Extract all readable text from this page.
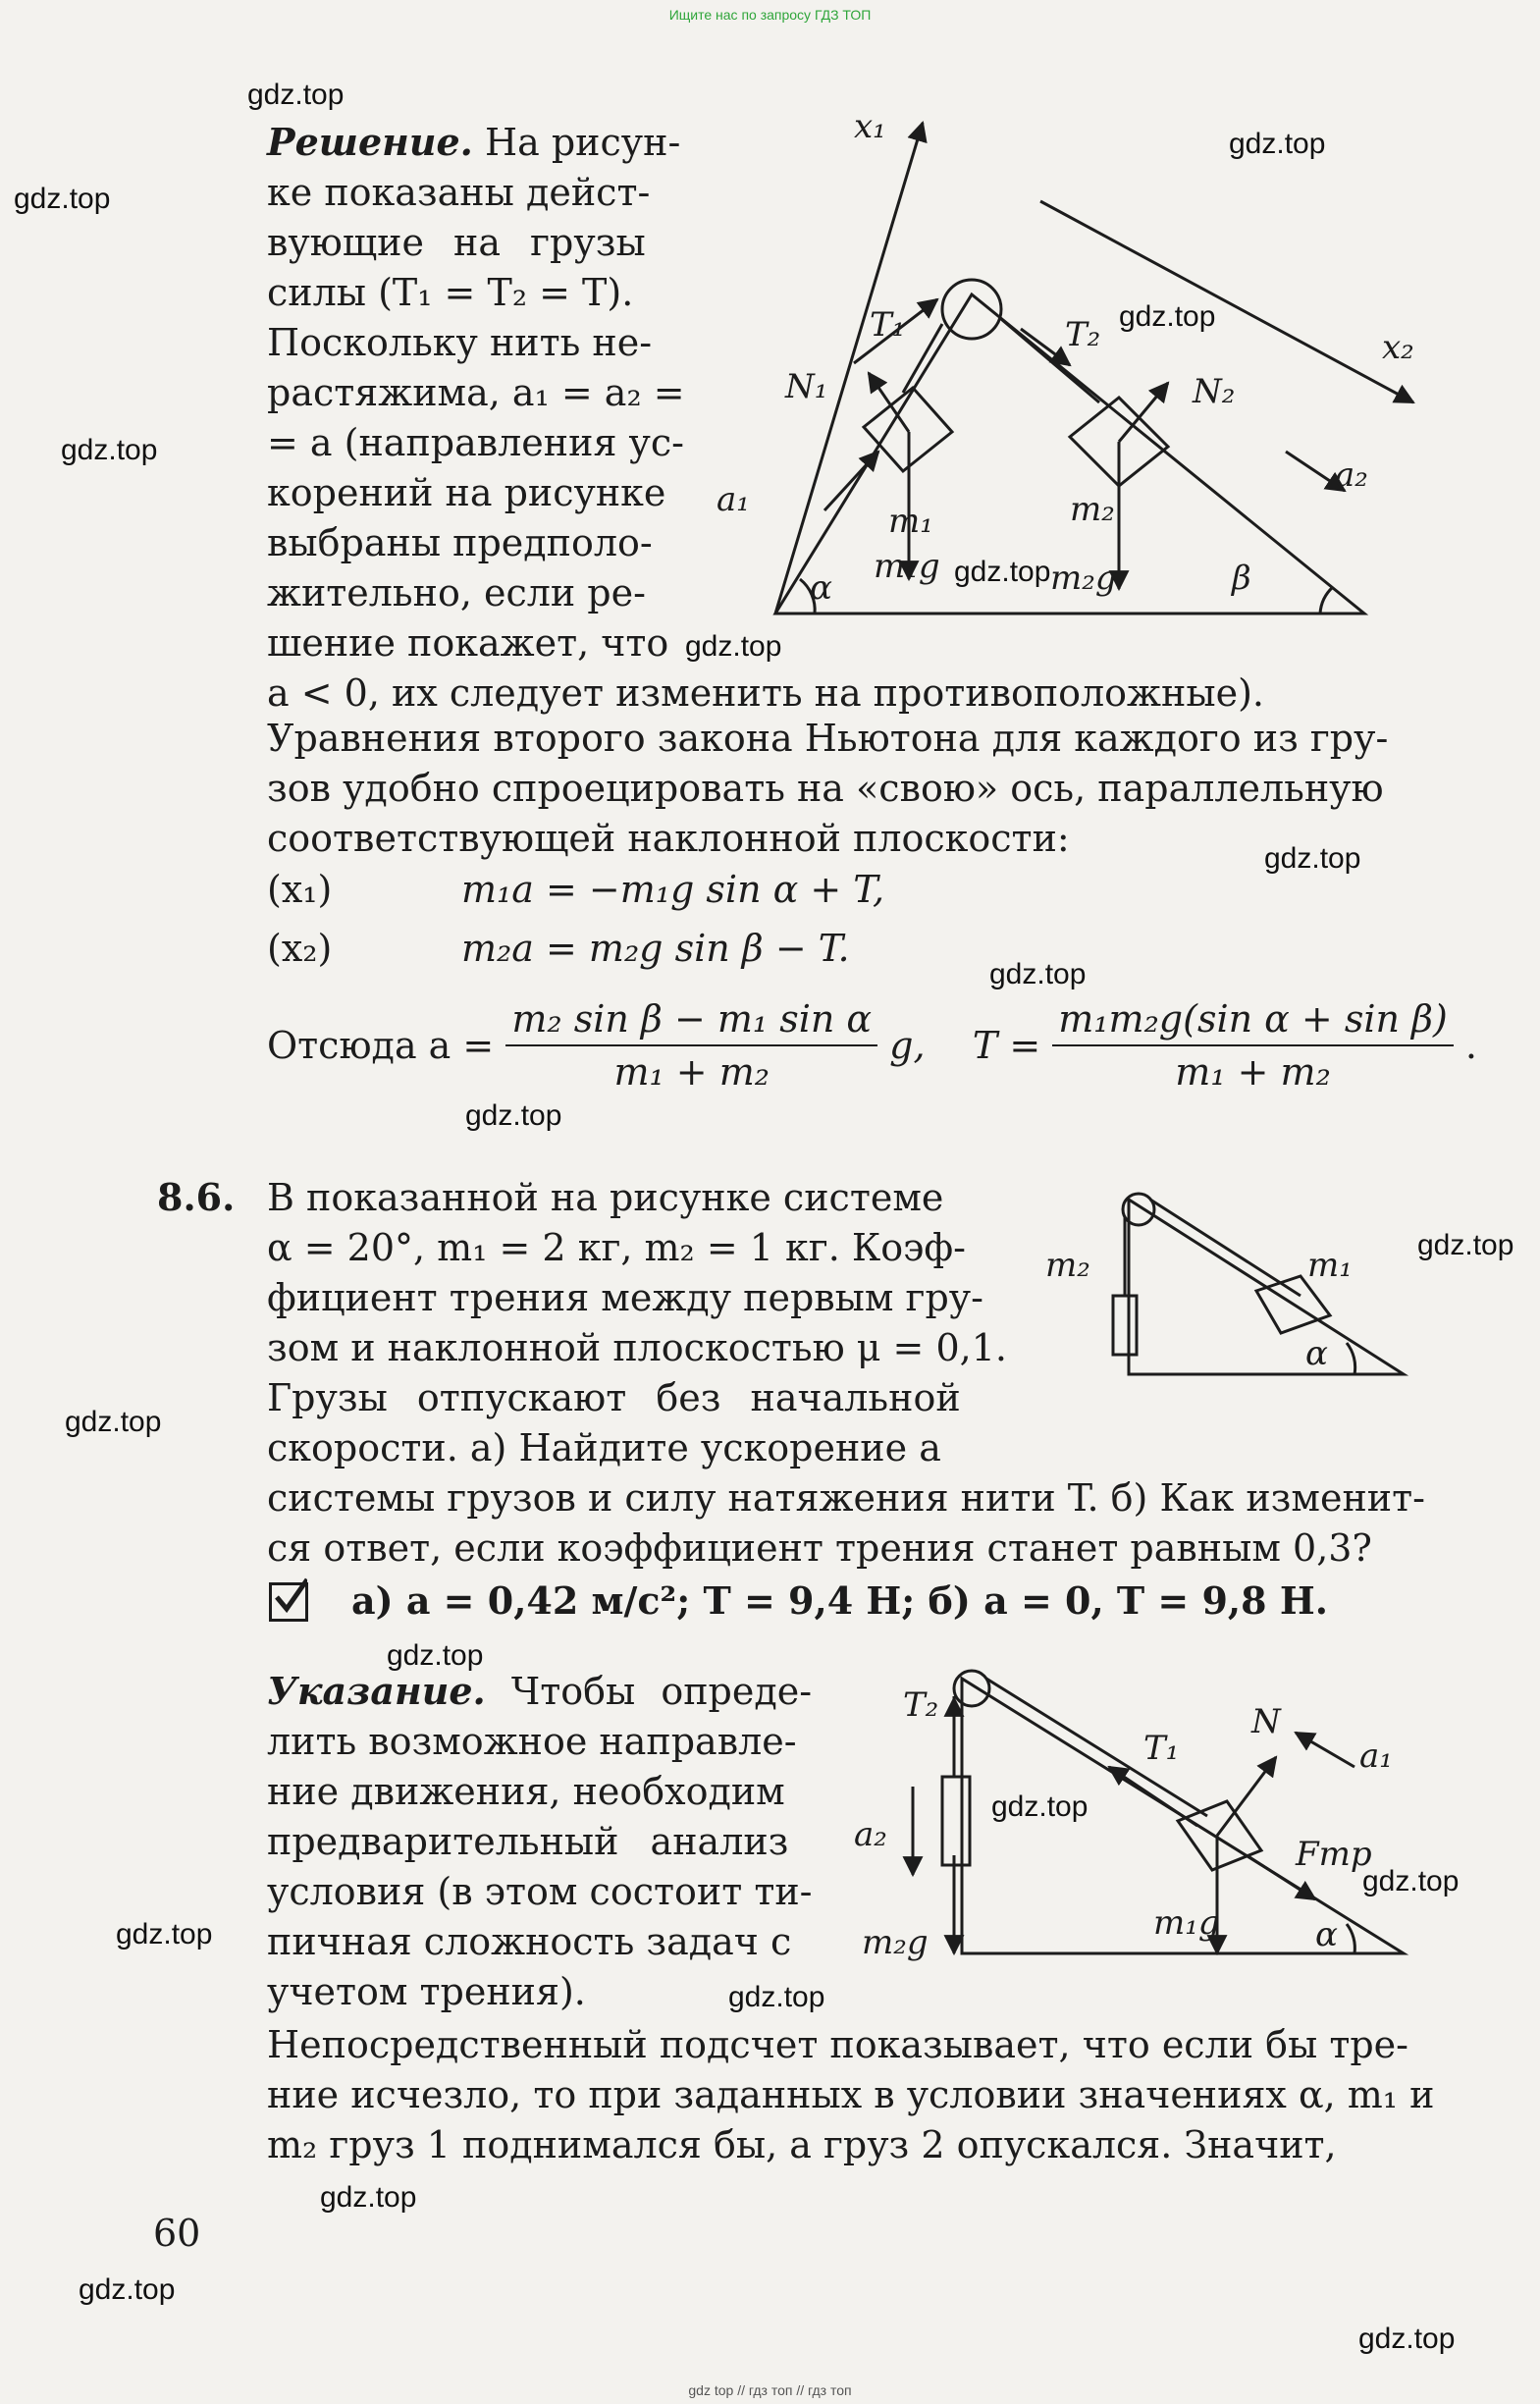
Ищите нас по запросу ГДЗ ТОП
gdz.top
gdz.top
gdz.top
gdz.top
gdz.top
gdz.top
gdz.top
gdz.top
gdz.top
gdz.top
gdz.top
gdz.top
gdz.top
gdz.top
gdz.top
gdz.top
gdz.top
gdz.top
gdz.top
gdz.top
Решение. На рисун-
ке показаны дейст-
вующие на грузы
силы (T₁ = T₂ = T).
Поскольку нить не-
растяжима, a₁ = a₂ =
= a (направления ус-
корений на рисунке
выбраны предполо-
жительно, если ре-
шение покажет, что
a < 0, их следует изменить на противоположные).
Уравнения второго закона Ньютона для каждого из гру-
зов удобно спроецировать на «свою» ось, параллельную
соответствующей наклонной плоскости:
(x₁)	m₁a = −m₁g sin α + T,
(x₂)	m₂a = m₂g sin β − T.
Отсюда $a = \frac{\text{m₂ sin β − m₁ sin α}}{\text{m₁ + m₂}} g$, $T = \frac{\text{m₁m₂g(sin α + sin β)}}{\text{m₁ + m₂}}$ .
x₁
x₂
T₁	T₂
N₁	N₂
a₁
a₂
m₁	m₂
m₁g	m₂g
α	β
8.6. В показанной на рисунке системе
α = 20°, m₁ = 2 кг, m₂ = 1 кг. Коэф-
фициент трения между первым гру-
зом и наклонной плоскостью μ = 0,1.
Грузы отпускают без начальной
скорости. а) Найдите ускорение a
системы грузов и силу натяжения нити T. б) Как изменит-
ся ответ, если коэффициент трения станет равным 0,3?
m₂	m₁
α
а) a = 0,42 м/с²; T = 9,4 Н; б) a = 0, T = 9,8 Н.
Указание. Чтобы опреде-
лить возможное направле-
ние движения, необходим
предварительный анализ
условия (в этом состоит ти-
пичная сложность задач с
учетом трения).
Непосредственный подсчет показывает, что если бы тре-
ние исчезло, то при заданных в условии значениях α, m₁ и
m₂ груз 1 поднимался бы, а груз 2 опускался. Значит,
T₂
a₂
m₂g
T₁
N
a₁
Fтр
m₁g	α
60
gdz top // гдз топ // гдз топ
